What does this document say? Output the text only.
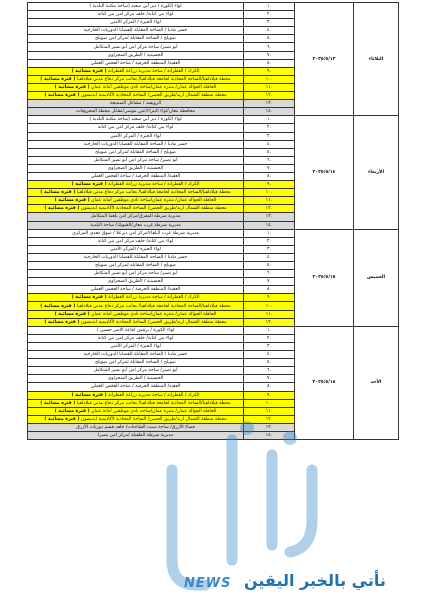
الثلاثاء	٢٠٢٥/٥/١٣	.١	لواء الكورة / دير أبي سعيد (ساحة مكتبة البلدية )
		.٢	لواء بني كنانة/ خلف مركز امن بني كنانة
		.٣	لواء الجيزة / المركز الأمني
		.٤	جسر مادبا / الساحة المقابلة للقضايا الدوريات الخارجية
		.٥	صويلح / الساحة المقابلة لمركز امن صويلح
		.٦	أبو نصير/ ساحة مركز امن أبو نصير المتكامل
		.٧	الحسينية / الطريق الصحراوي
		.٨	العقبة/ المنطقة الحرفية / ساحة الفحص العملي
		.٩	الكرك / القطرانة / ساحة مديرية زراعة القطرانة ( فترة مسائية )
		.١٠	محطة فيلادلفيا/الساحة المحاذية لجامعة فيلادلفيا/ بجانب مركز دفاع مدني فيلادلفيا ( فترة مسائية )
		.١١	الحافلة الجوالة عمان/ منتزه عمان/ساحة نادي موظفين أمانة عمان ( فترة مسائية )
		.١٢	محطة منطقة الشمال اربد/طريق الحصن/ الساحة المحاذية لأكاديمية ايديسون ( فترة مسائية )
		.١٣	الرويشد / مشاغل الضميجة
		.١٤	محافظة معان/لواء البتراء/عين موسى/مقابل محطة المحروقات
الأربعاء	٢٠٢٥/٥/١٤	.١	لواء الكورة / دير أبي سعيد (ساحة مكتبة البلدية )
		.٢	لواء بني كنانة/ خلف مركز امن بني كنانة
		.٣	لواء الجيزة / المركز الأمني
		.٤	جسر مادبا / الساحة المقابلة للقضايا الدوريات الخارجية
		.٥	صويلح / الساحة المقابلة لمركز امن صويلح
		.٦	أبو نصير/ ساحة مركز امن أبو نصير المتكامل
		.٧	الحسينية / الطريق الصحراوي
		.٨	العقبة/ المنطقة الحرفية / ساحة الفحص العملي
		.٩	الكرك / القطرانة / ساحة مديرية زراعة القطرانة ( فترة مسائية )
		.١٠	محطة فيلادلفيا/الساحة المحاذية لجامعة فيلادلفيا/ بجانب مركز دفاع مدني فيلادلفيا ( فترة مسائية )
		.١١	الحافلة الجوالة عمان/ منتزه عمان/ساحة نادي موظفين أمانة عمان ( فترة مسائية )
		.١٢	محطة منطقة الشمال اربد/طريق الحصن/ الساحة المحاذية لأكاديمية ايديسون ( فترة مسائية )
		.١٣	مديرية شرطة المفرق/مركز امن بلعما المتكامل
		.١٤	مديرية شرطة غرب معان/الشوبك/ ساحة البلدية
الخميس	٢٠٢٥/٥/١٥	.١	مديرية شرطة غرب البلقاء/مركز امن ديرعلا / سوق معدي المركزي
		.٢	لواء بني كنانة/ خلف مركز امن بني كنانة
		.٣	لواء الجيزة / المركز الأمني
		.٤	جسر مادبا / الساحة المقابلة للقضايا الدوريات الخارجية
		.٥	صويلح / الساحة المقابلة لمركز امن صويلح
		.٦	أبو نصير/ ساحة مركز امن أبو نصير المتكامل
		.٧	الحسينية / الطريق الصحراوي
		.٨	العقبة/ المنطقة الحرفية / ساحة الفحص العملي
		.٩	الكرك / القطرانة / ساحة مديرية زراعة القطرانة ( فترة مسائية )
		.١٠	محطة فيلادلفيا/الساحة المحاذية لجامعة فيلادلفيا/ بجانب مركز دفاع مدني فيلادلفيا ( فترة مسائية )
		.١١	الحافلة الجوالة عمان/ منتزه عمان/ساحة نادي موظفين أمانة عمان ( فترة مسائية )
		.١٢	محطة منطقة الشمال اربد/طريق الحصن/ الساحة المحاذية لأكاديمية ايديسون ( فترة مسائية )
الأحد	٢٠٢٥/٥/١٨	.١	لواء الكورة / برقش (قاعة الامير حسين )
		.٢	لواء بني كنانة/ خلف مركز امن بني كنانة
		.٣	لواء الجيزة / المركز الأمني
		.٤	جسر مادبا / الساحة المقابلة للقضايا الدوريات الخارجية
		.٥	صويلح / الساحة المقابلة لمركز امن صويلح
		.٦	أبو نصير/ ساحة مركز امن أبو نصير المتكامل
		.٧	الحسينية / الطريق الصحراوي
		.٨	العقبة/ المنطقة الحرفية / ساحة الفحص العملي
		.٩	الكرك / القطرانة / ساحة مديرية زراعة القطرانة ( فترة مسائية )
		.١٠	محطة فيلادلفيا/الساحة المحاذية لجامعة فيلادلفيا/ بجانب مركز دفاع مدني فيلادلفيا ( فترة مسائية )
		.١١	الحافلة الجوالة عمان/ منتزه عمان/ساحة نادي موظفين أمانة عمان ( فترة مسائية )
		.١٢	محطة منطقة الشمال اربد/طريق الحصن/ الساحة المحاذية لأكاديمية ايديسون ( فترة مسائية )
		.١٣	قضاء الأزرق/ ساحة مبيت الشاحنات/ خلف قسم دوريات الأزرق
		.١٤	مديرية شرطة الطفيلة /مركز امن بصيرا
NEWS نأتي بالخبر اليقين
